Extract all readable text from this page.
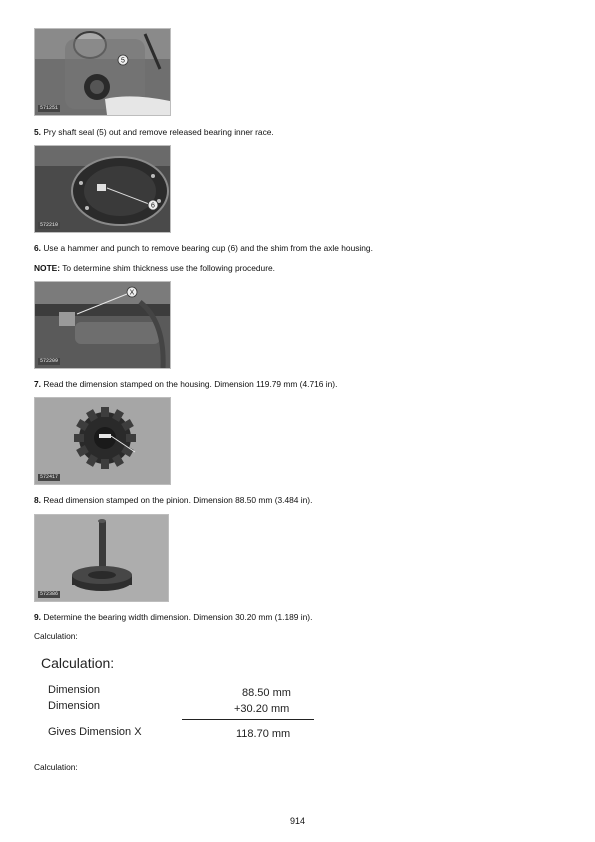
5
571251
5. Pry shaft seal (5) out and remove released bearing inner race.
6
572210
6. Use a hammer and punch to remove bearing cup (6) and the shim from the axle housing.
NOTE: To determine shim thickness use the following procedure.
X
572209
7. Read the dimension stamped on the housing. Dimension 119.79 mm (4.716 in).
572417
8. Read dimension stamped on the pinion. Dimension 88.50 mm (3.484 in).
572386
9. Determine the bearing width dimension. Dimension 30.20 mm (1.189 in).
Calculation:
Calculation:
Dimension	88.50 mm
Dimension	+30.20 mm
Gives Dimension X	118.70 mm
Calculation:
914
